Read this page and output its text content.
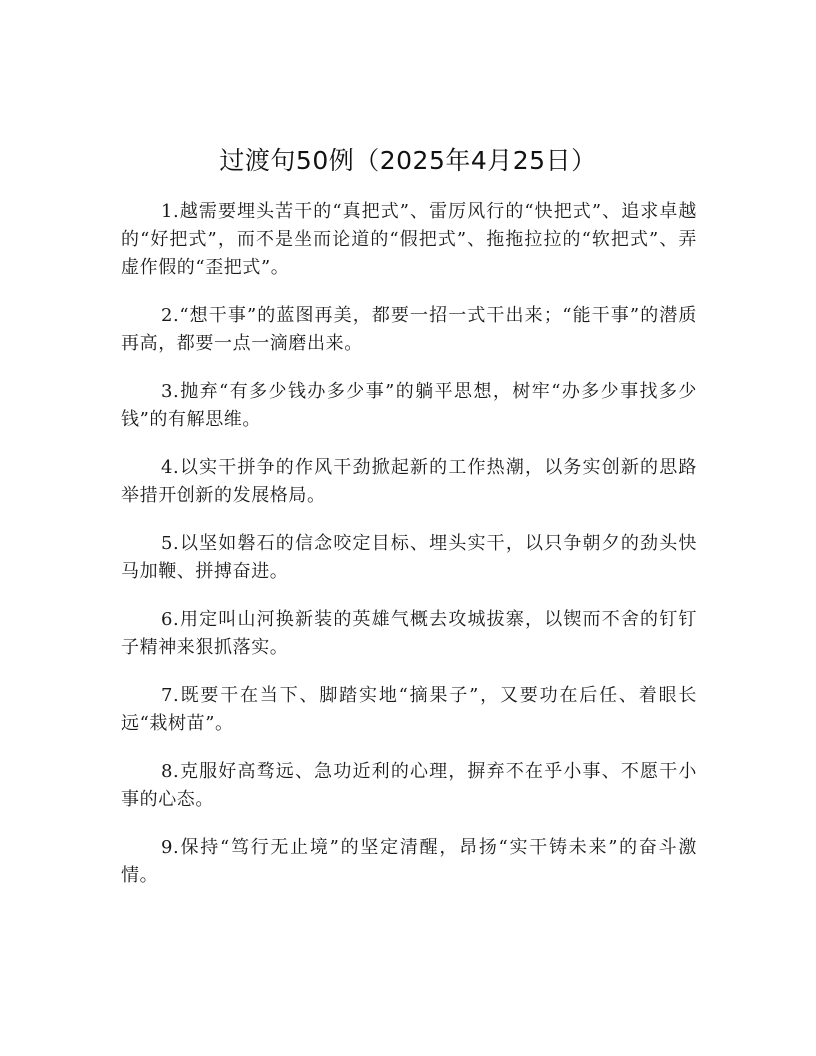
过渡句50例（2025年4月25日）

1.越需要埋头苦干的“真把式”、雷厉风行的“快把式”、追求卓越的“好把式”，而不是坐而论道的“假把式”、拖拖拉拉的“软把式”、弄虚作假的“歪把式”。

2.“想干事”的蓝图再美，都要一招一式干出来；“能干事”的潜质再高，都要一点一滴磨出来。

3.抛弃“有多少钱办多少事”的躺平思想，树牢“办多少事找多少钱”的有解思维。

4.以实干拼争的作风干劲掀起新的工作热潮，以务实创新的思路举措开创新的发展格局。

5.以坚如磐石的信念咬定目标、埋头实干，以只争朝夕的劲头快马加鞭、拼搏奋进。

6.用定叫山河换新装的英雄气概去攻城拔寨，以锲而不舍的钉钉子精神来狠抓落实。

7.既要干在当下、脚踏实地“摘果子”，又要功在后任、着眼长远“栽树苗”。

8.克服好高骛远、急功近利的心理，摒弃不在乎小事、不愿干小事的心态。

9.保持“笃行无止境”的坚定清醒，昂扬“实干铸未来”的奋斗激情。
